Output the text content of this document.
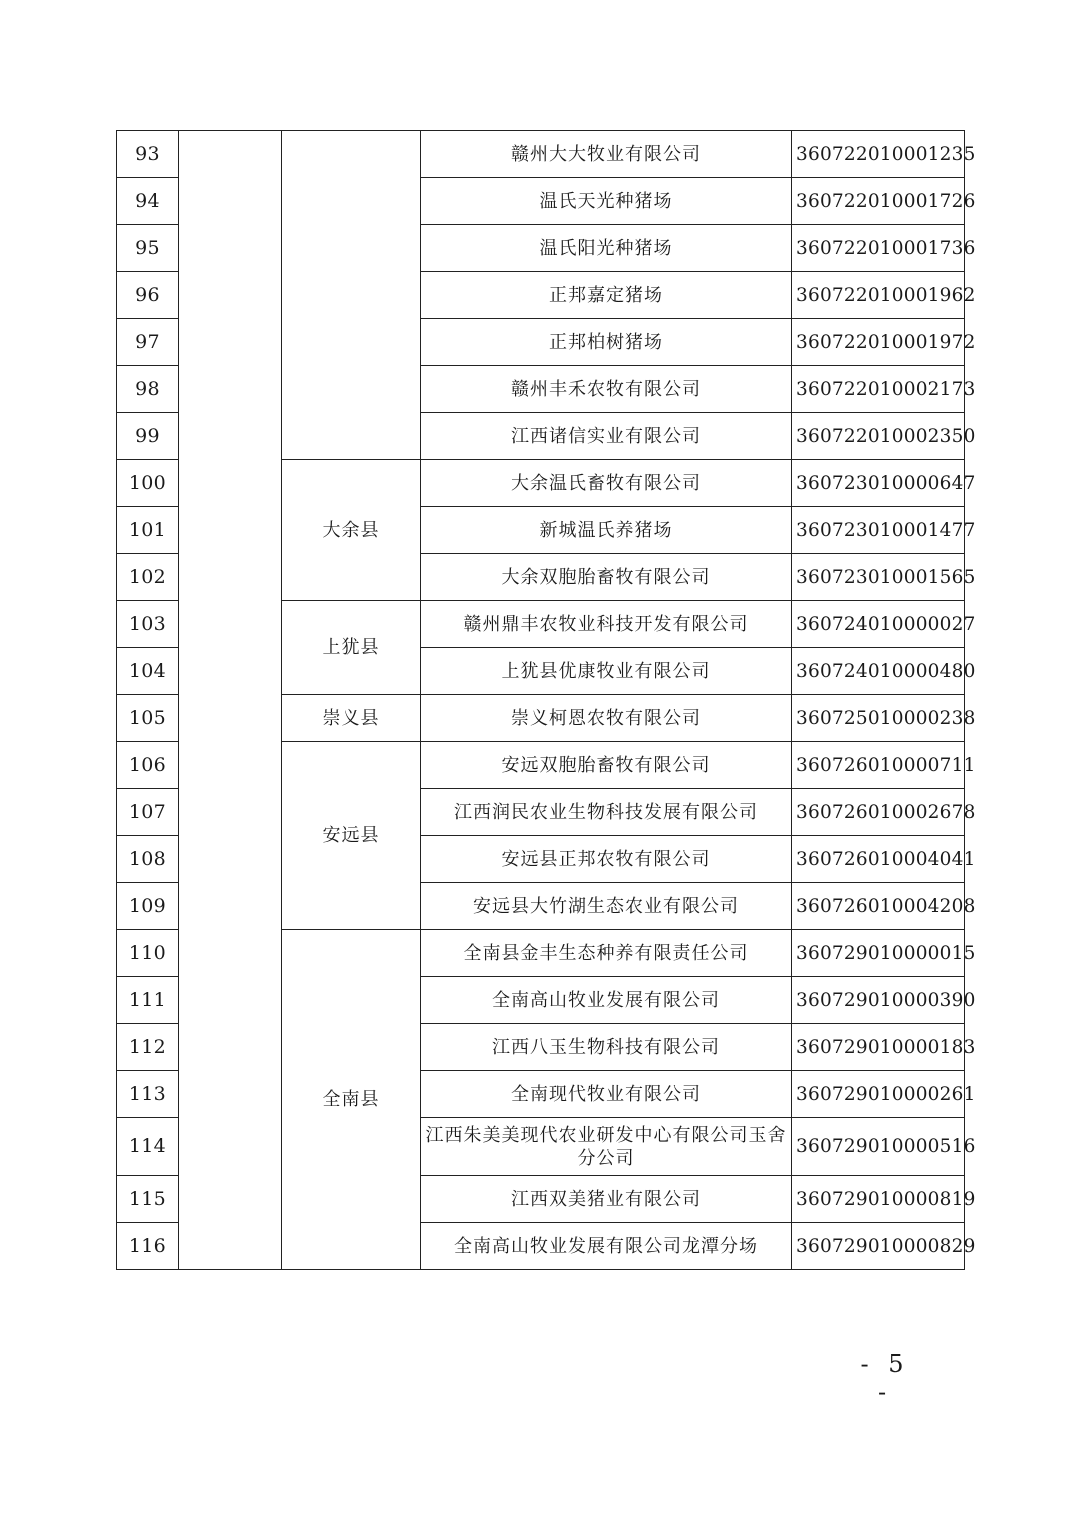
93			赣州大大牧业有限公司	360722010001235
94			温氏天光种猪场	360722010001726
95			温氏阳光种猪场	360722010001736
96			正邦嘉定猪场	360722010001962
97			正邦柏树猪场	360722010001972
98			赣州丰禾农牧有限公司	360722010002173
99			江西诸信实业有限公司	360722010002350
100		大余县	大余温氏畜牧有限公司	360723010000647
101			新城温氏养猪场	360723010001477
102			大余双胞胎畜牧有限公司	360723010001565
103		上犹县	赣州鼎丰农牧业科技开发有限公司	360724010000027
104			上犹县优康牧业有限公司	360724010000480
105		崇义县	崇义柯恩农牧有限公司	360725010000238
106		安远县	安远双胞胎畜牧有限公司	360726010000711
107			江西润民农业生物科技发展有限公司	360726010002678
108			安远县正邦农牧有限公司	360726010004041
109			安远县大竹湖生态农业有限公司	360726010004208
110		全南县	全南县金丰生态种养有限责任公司	360729010000015
111			全南高山牧业发展有限公司	360729010000390
112			江西八玉生物科技有限公司	360729010000183
113			全南现代牧业有限公司	360729010000261
114			江西朱美美现代农业研发中心有限公司玉舍分公司	360729010000516
115			江西双美猪业有限公司	360729010000819
116			全南高山牧业发展有限公司龙潭分场	360729010000829
- 5 -
